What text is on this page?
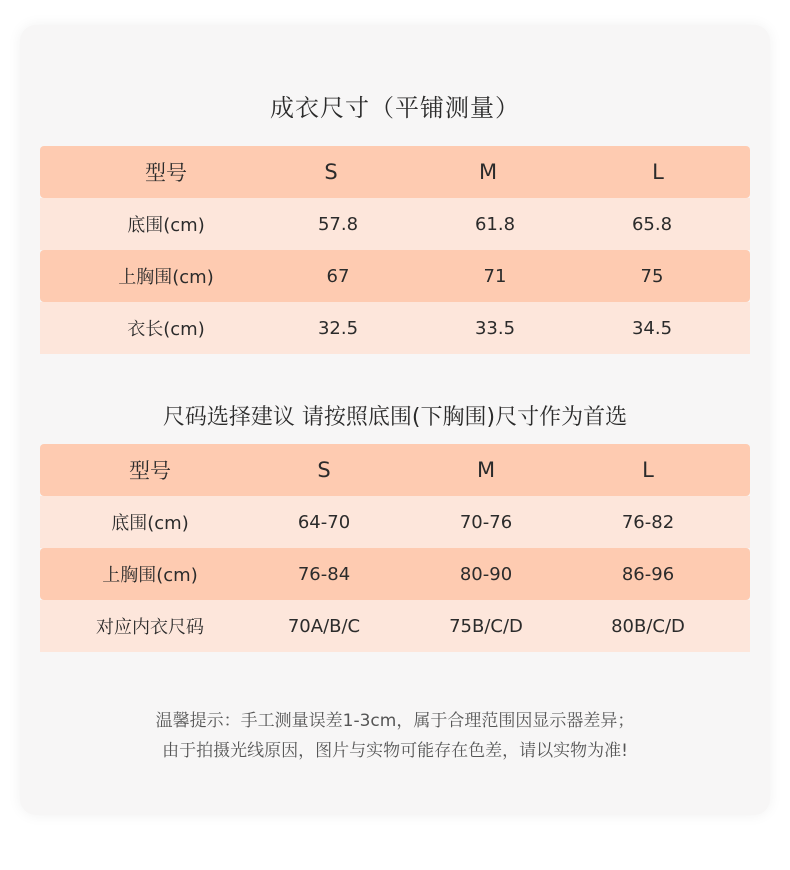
成衣尺寸（平铺测量）
型号	S	M	L
底围(cm)	57.8	61.8	65.8
上胸围(cm)	67	71	75
衣长(cm)	32.5	33.5	34.5
尺码选择建议 请按照底围(下胸围)尺寸作为首选
型号	S	M	L
底围(cm)	64-70	70-76	76-82
上胸围(cm)	76-84	80-90	86-96
对应内衣尺码	70A/B/C	75B/C/D	80B/C/D
温馨提示：手工测量误差1-3cm，属于合理范围因显示器差异；
由于拍摄光线原因，图片与实物可能存在色差，请以实物为准!
